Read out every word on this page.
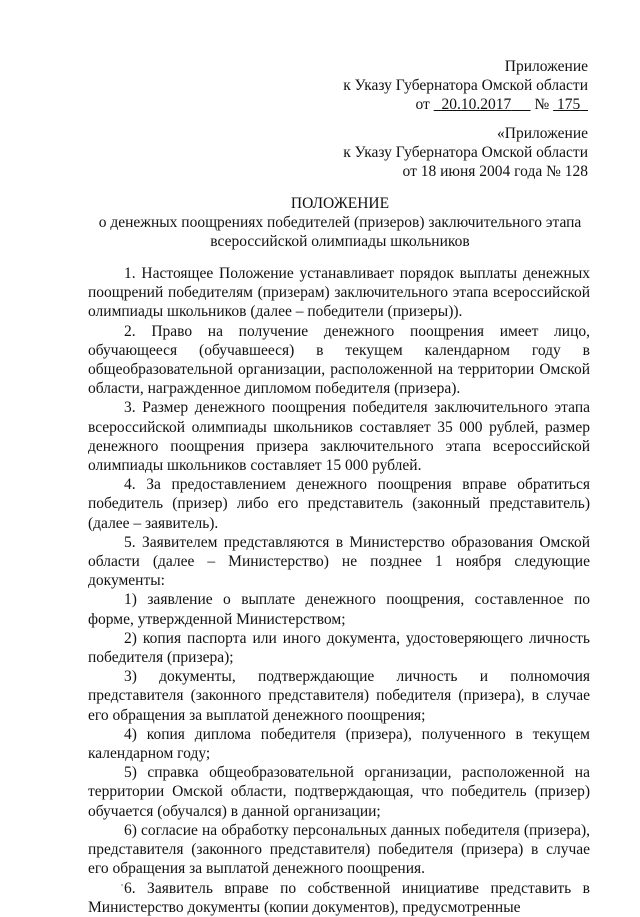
Приложение
к Указу Губернатора Омской области
от 20.10.2017 № 175
«Приложение
к Указу Губернатора Омской области
от 18 июня 2004 года № 128
ПОЛОЖЕНИЕ
о денежных поощрениях победителей (призеров) заключительного этапа
всероссийской олимпиады школьников

1. Настоящее Положение устанавливает порядок выплаты денежных поощрений победителям (призерам) заключительного этапа всероссийской олимпиады школьников (далее – победители (призеры)).

2. Право на получение денежного поощрения имеет лицо, обучающееся (обучавшееся) в текущем календарном году в общеобразовательной организации, расположенной на территории Омской области, награжденное дипломом победителя (призера).

3. Размер денежного поощрения победителя заключительного этапа всероссийской олимпиады школьников составляет 35 000 рублей, размер денежного поощрения призера заключительного этапа всероссийской олимпиады школьников составляет 15 000 рублей.

4. За предоставлением денежного поощрения вправе обратиться победитель (призер) либо его представитель (законный представитель) (далее – заявитель).

5. Заявителем представляются в Министерство образования Омской области (далее – Министерство) не позднее 1 ноября следующие документы:

1) заявление о выплате денежного поощрения, составленное по форме, утвержденной Министерством;

2) копия паспорта или иного документа, удостоверяющего личность победителя (призера);

3) документы, подтверждающие личность и полномочия представителя (законного представителя) победителя (призера), в случае его обращения за выплатой денежного поощрения;

4) копия диплома победителя (призера), полученного в текущем календарном году;

5) справка общеобразовательной организации, расположенной на территории Омской области, подтверждающая, что победитель (призер) обучается (обучался) в данной организации;

6) согласие на обработку персональных данных победителя (призера), представителя (законного представителя) победителя (призера) в случае его обращения за выплатой денежного поощрения.

6. Заявитель вправе по собственной инициативе представить в Министерство документы (копии документов), предусмотренные
